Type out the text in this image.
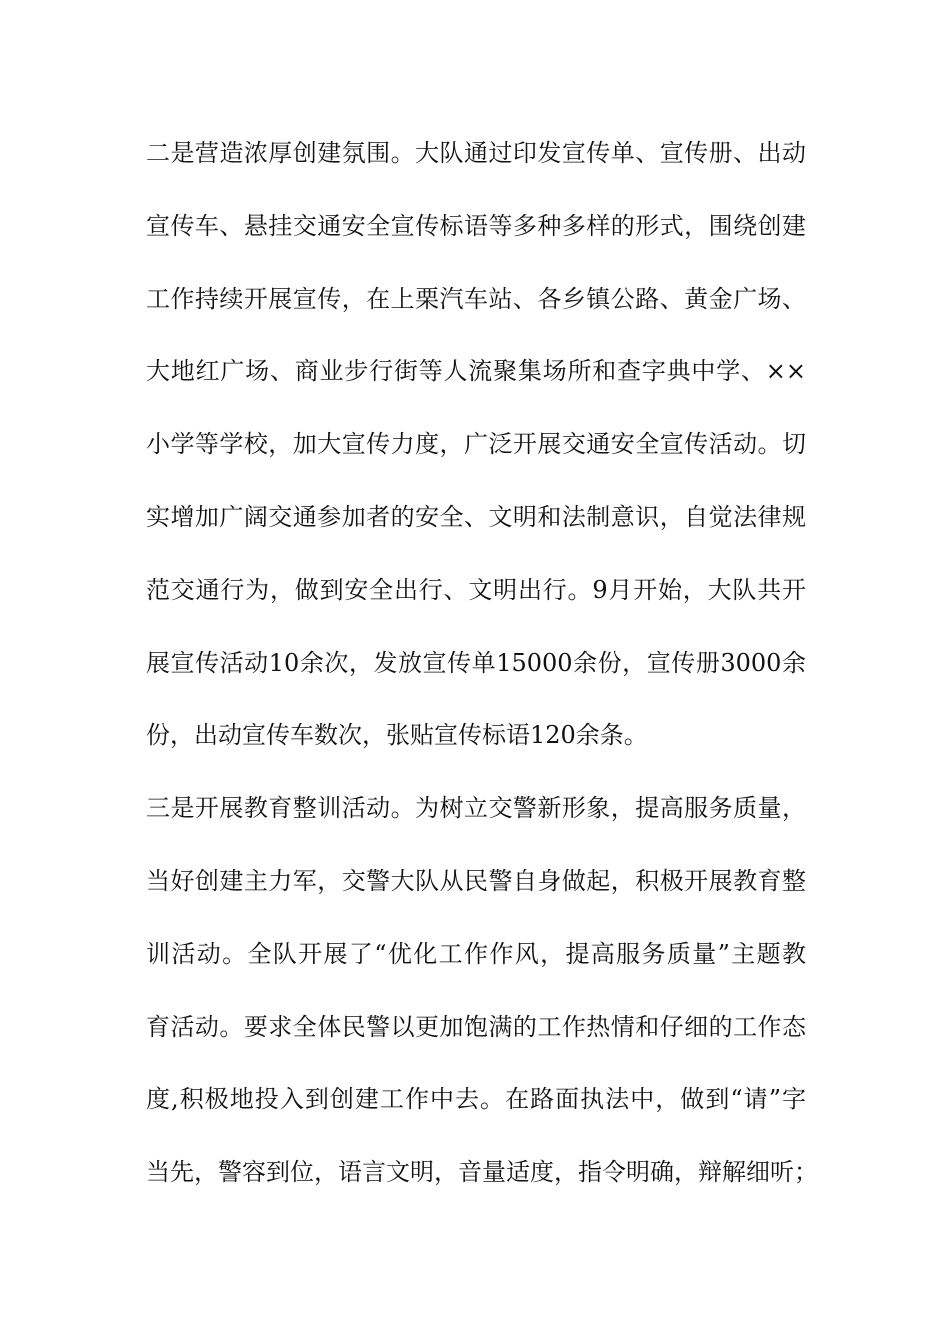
二是营造浓厚创建氛围。大队通过印发宣传单、宣传册、出动
宣传车、悬挂交通安全宣传标语等多种多样的形式，围绕创建
工作持续开展宣传，在上栗汽车站、各乡镇公路、黄金广场、
大地红广场、商业步行街等人流聚集场所和查字典中学、××
小学等学校，加大宣传力度，广泛开展交通安全宣传活动。切
实增加广阔交通参加者的安全、文明和法制意识，自觉法律规
范交通行为，做到安全出行、文明出行。9月开始，大队共开
展宣传活动10余次，发放宣传单15000余份，宣传册3000余
份，出动宣传车数次，张贴宣传标语120余条。
三是开展教育整训活动。为树立交警新形象，提高服务质量，
当好创建主力军，交警大队从民警自身做起，积极开展教育整
训活动。全队开展了“优化工作作风，提高服务质量”主题教
育活动。要求全体民警以更加饱满的工作热情和仔细的工作态
度,积极地投入到创建工作中去。在路面执法中，做到“请”字
当先，警容到位，语言文明，音量适度，指令明确，辩解细听；
